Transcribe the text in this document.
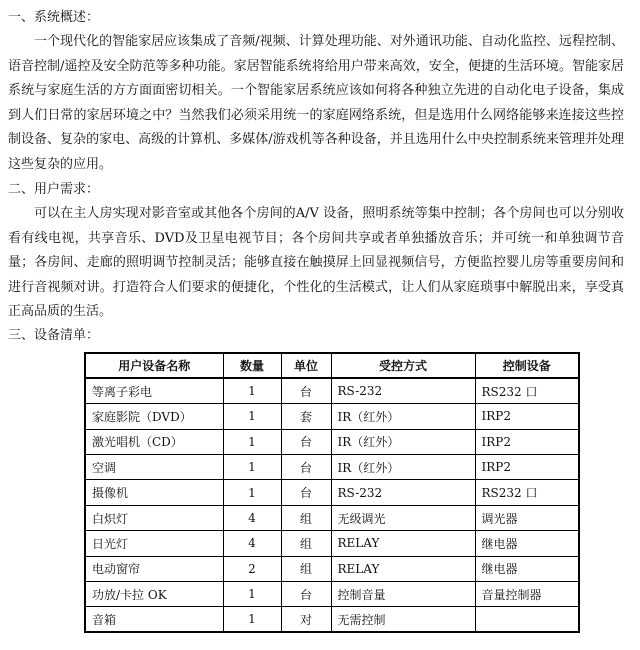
一、系统概述：

一个现代化的智能家居应该集成了音频/视频、计算处理功能、对外通讯功能、自动化监控、远程控制、语音控制/遥控及安全防范等多种功能。家居智能系统将给用户带来高效，安全，便捷的生活环境。智能家居系统与家庭生活的方方面面密切相关。一个智能家居系统应该如何将各种独立先进的自动化电子设备，集成到人们日常的家居环境之中？当然我们必须采用统一的家庭网络系统，但是选用什么网络能够来连接这些控制设备、复杂的家电、高级的计算机、多媒体/游戏机等各种设备，并且选用什么中央控制系统来管理并处理这些复杂的应用。

二、用户需求：

可以在主人房实现对影音室或其他各个房间的A/V 设备，照明系统等集中控制；各个房间也可以分别收看有线电视，共享音乐、DVD及卫星电视节目；各个房间共享或者单独播放音乐；并可统一和单独调节音量；各房间、走廊的照明调节控制灵活；能够直接在触摸屏上回显视频信号，方便监控婴儿房等重要房间和进行音视频对讲。打造符合人们要求的便捷化，个性化的生活模式，让人们从家庭琐事中解脱出来，享受真正高品质的生活。

三、设备清单：
用户设备名称	数量	单位	受控方式	控制设备
等离子彩电	1	台	RS-232	RS232 口
家庭影院（DVD）	1	套	IR（红外）	IRP2
激光唱机（CD）	1	台	IR（红外）	IRP2
空调	1	台	IR（红外）	IRP2
摄像机	1	台	RS-232	RS232 口
白炽灯	4	组	无级调光	调光器
日光灯	4	组	RELAY	继电器
电动窗帘	2	组	RELAY	继电器
功放/卡拉 OK	1	台	控制音量	音量控制器
音箱	1	对	无需控制	
